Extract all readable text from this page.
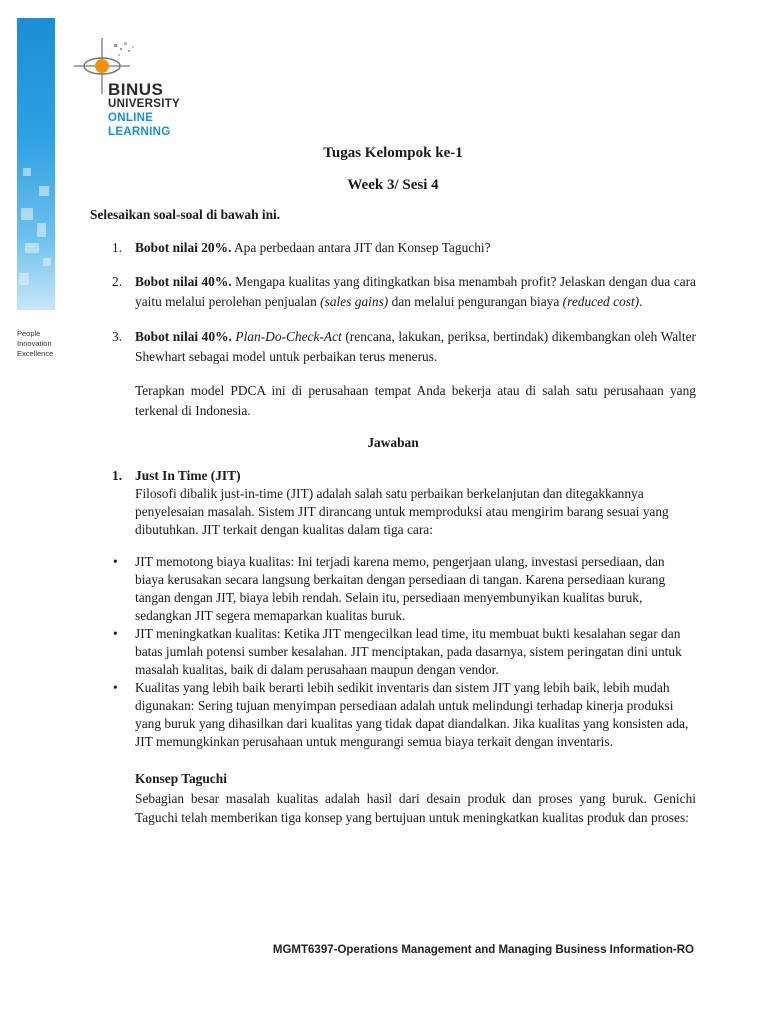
People
Innovation
Excellence
BINUS
UNIVERSITY
ONLINE
LEARNING
Tugas Kelompok ke-1
Week 3/ Sesi 4
Selesaikan soal-soal di bawah ini.
1. Bobot nilai 20%. Apa perbedaan antara JIT dan Konsep Taguchi?
2. Bobot nilai 40%. Mengapa kualitas yang ditingkatkan bisa menambah profit? Jelaskan dengan dua cara yaitu melalui perolehan penjualan (sales gains) dan melalui pengurangan biaya (reduced cost).
3. Bobot nilai 40%. Plan-Do-Check-Act (rencana, lakukan, periksa, bertindak) dikembangkan oleh Walter Shewhart sebagai model untuk perbaikan terus menerus.
Terapkan model PDCA ini di perusahaan tempat Anda bekerja atau di salah satu perusahaan yang terkenal di Indonesia.
Jawaban
1. Just In Time (JIT)
Filosofi dibalik just-in-time (JIT) adalah salah satu perbaikan berkelanjutan dan ditegakkannya penyelesaian masalah. Sistem JIT dirancang untuk memproduksi atau mengirim barang sesuai yang dibutuhkan. JIT terkait dengan kualitas dalam tiga cara:
• JIT memotong biaya kualitas: Ini terjadi karena memo, pengerjaan ulang, investasi persediaan, dan biaya kerusakan secara langsung berkaitan dengan persediaan di tangan. Karena persediaan kurang tangan dengan JIT, biaya lebih rendah. Selain itu, persediaan menyembunyikan kualitas buruk, sedangkan JIT segera memaparkan kualitas buruk.
• JIT meningkatkan kualitas: Ketika JIT mengecilkan lead time, itu membuat bukti kesalahan segar dan batas jumlah potensi sumber kesalahan. JIT menciptakan, pada dasarnya, sistem peringatan dini untuk masalah kualitas, baik di dalam perusahaan maupun dengan vendor.
• Kualitas yang lebih baik berarti lebih sedikit inventaris dan sistem JIT yang lebih baik, lebih mudah digunakan: Sering tujuan menyimpan persediaan adalah untuk melindungi terhadap kinerja produksi yang buruk yang dihasilkan dari kualitas yang tidak dapat diandalkan. Jika kualitas yang konsisten ada, JIT memungkinkan perusahaan untuk mengurangi semua biaya terkait dengan inventaris.
Konsep Taguchi
Sebagian besar masalah kualitas adalah hasil dari desain produk dan proses yang buruk. Genichi Taguchi telah memberikan tiga konsep yang bertujuan untuk meningkatkan kualitas produk dan proses:
MGMT6397-Operations Management and Managing Business Information-RO
